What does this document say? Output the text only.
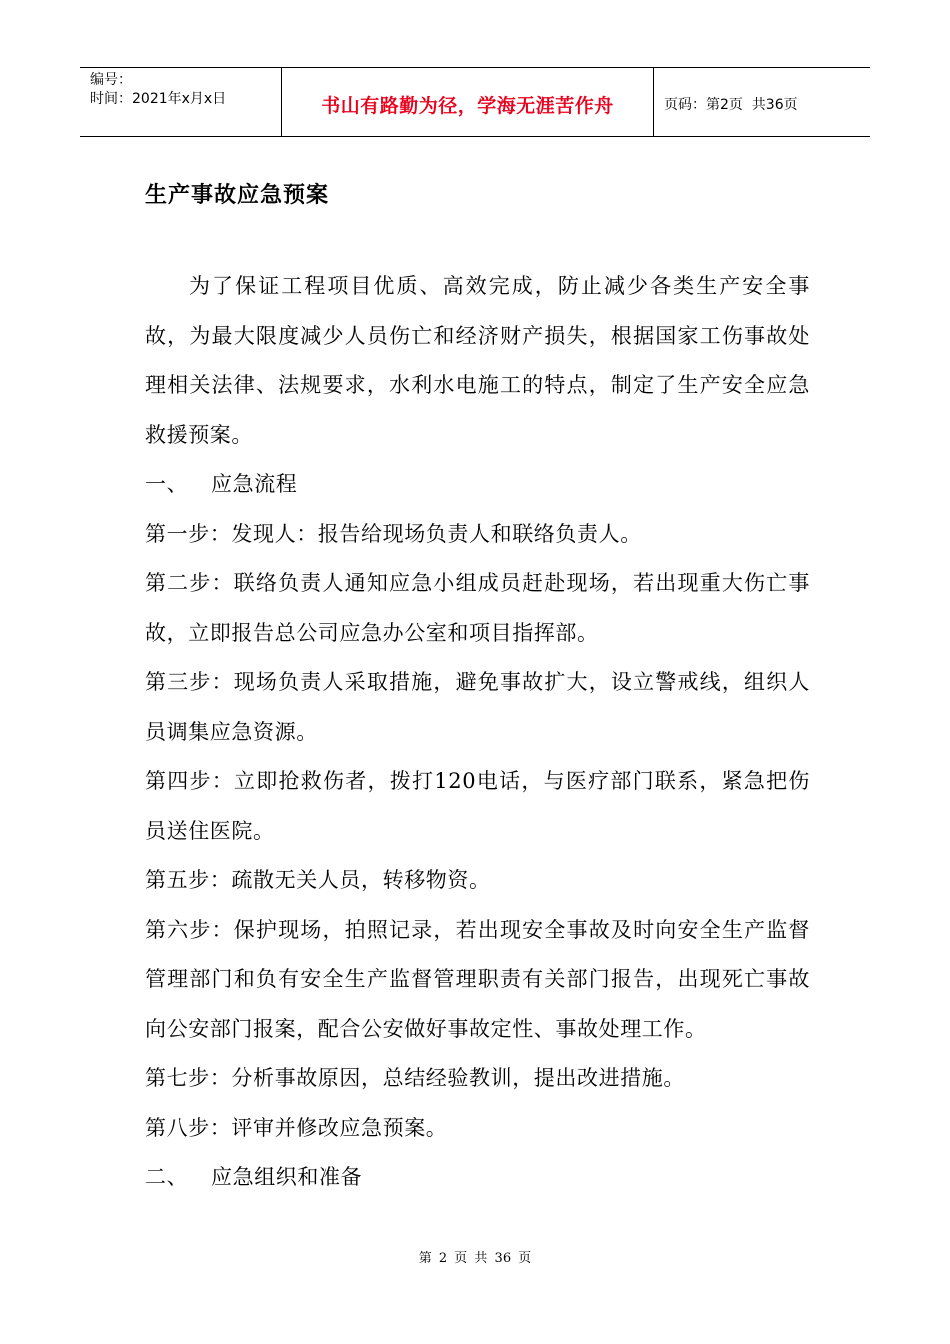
编号：
时间：2021年x月x日	书山有路勤为径，学海无涯苦作舟	页码：第2页  共36页
生产事故应急预案

为了保证工程项目优质、高效完成，防止减少各类生产安全事故，为最大限度减少人员伤亡和经济财产损失，根据国家工伤事故处理相关法律、法规要求，水利水电施工的特点，制定了生产安全应急救援预案。

一、 应急流程

第一步：发现人：报告给现场负责人和联络负责人。

第二步：联络负责人通知应急小组成员赶赴现场，若出现重大伤亡事故，立即报告总公司应急办公室和项目指挥部。

第三步：现场负责人采取措施，避免事故扩大，设立警戒线，组织人员调集应急资源。

第四步：立即抢救伤者，拨打120电话，与医疗部门联系，紧急把伤员送住医院。

第五步：疏散无关人员，转移物资。

第六步：保护现场，拍照记录，若出现安全事故及时向安全生产监督管理部门和负有安全生产监督管理职责有关部门报告，出现死亡事故向公安部门报案，配合公安做好事故定性、事故处理工作。

第七步：分析事故原因，总结经验教训，提出改进措施。

第八步：评审并修改应急预案。

二、 应急组织和准备

第 2 页 共 36 页
